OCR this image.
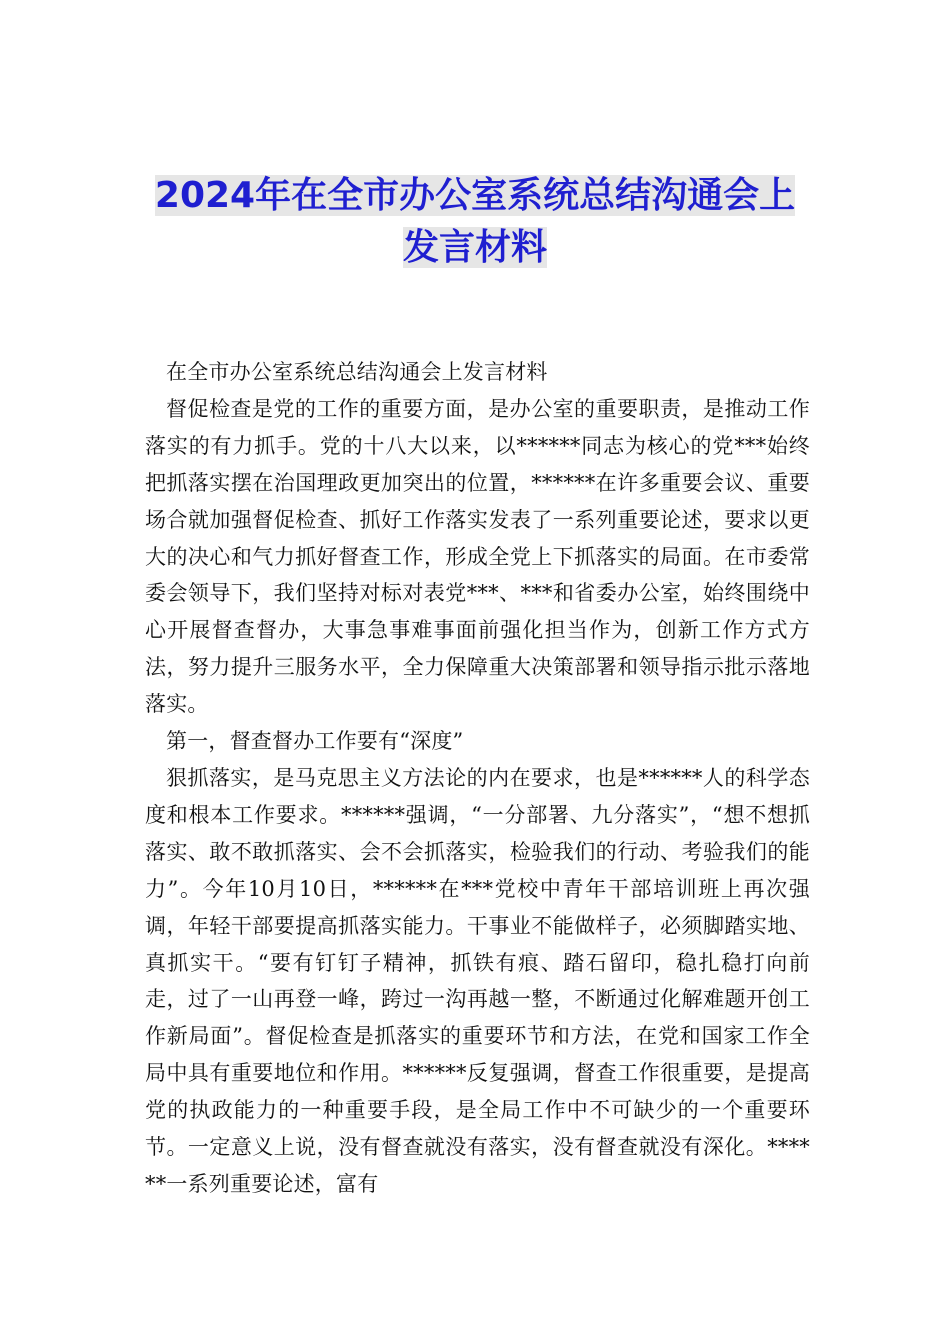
2024年在全市办公室系统总结沟通会上
发言材料

在全市办公室系统总结沟通会上发言材料

督促检查是党的工作的重要方面，是办公室的重要职责，是推动工作落实的有力抓手。党的十八大以来，以******同志为核心的党***始终把抓落实摆在治国理政更加突出的位置，******在许多重要会议、重要场合就加强督促检查、抓好工作落实发表了一系列重要论述，要求以更大的决心和气力抓好督查工作，形成全党上下抓落实的局面。在市委常委会领导下，我们坚持对标对表党***、***和省委办公室，始终围绕中心开展督查督办，大事急事难事面前强化担当作为，创新工作方式方法，努力提升三服务水平，全力保障重大决策部署和领导指示批示落地落实。

第一，督查督办工作要有“深度”

狠抓落实，是马克思主义方法论的内在要求，也是******人的科学态度和根本工作要求。******强调，“一分部署、九分落实”，“想不想抓落实、敢不敢抓落实、会不会抓落实，检验我们的行动、考验我们的能力”。今年10月10日，******在***党校中青年干部培训班上再次强调，年轻干部要提高抓落实能力。干事业不能做样子，必须脚踏实地、真抓实干。“要有钉钉子精神，抓铁有痕、踏石留印，稳扎稳打向前走，过了一山再登一峰，跨过一沟再越一整，不断通过化解难题开创工作新局面”。督促检查是抓落实的重要环节和方法，在党和国家工作全局中具有重要地位和作用。******反复强调，督查工作很重要，是提高党的执政能力的一种重要手段，是全局工作中不可缺少的一个重要环节。一定意义上说，没有督查就没有落实，没有督查就没有深化。******一系列重要论述，富有
